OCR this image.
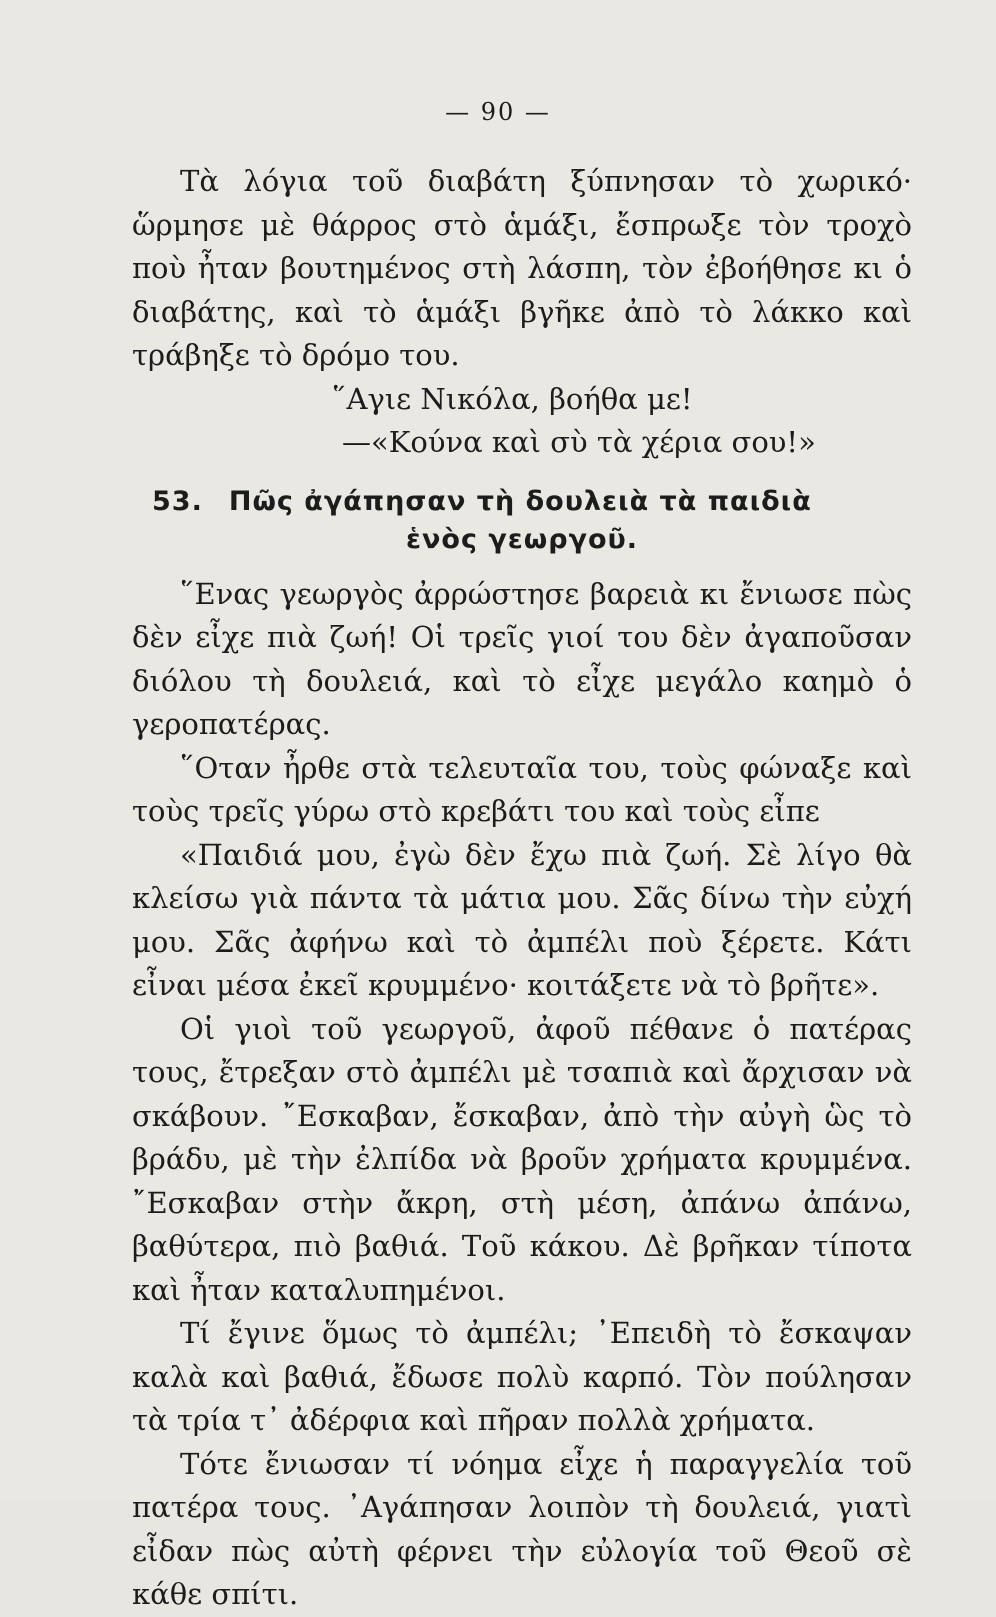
— 90 —

Τὰ λόγια τοῦ διαβάτη ξύπνησαν τὸ χωρικό· ὥρμησε μὲ θάρρος στὸ ἁμάξι, ἔσπρωξε τὸν τροχὸ ποὺ ἦταν βουτημένος στὴ λάσπη, τὸν ἐβοήθησε κι ὁ διαβάτης, καὶ τὸ ἁμάξι βγῆκε ἀπὸ τὸ λάκκο καὶ τράβηξε τὸ δρόμο του.

῞Αγιε Νικόλα, βοήθα με!

—«Κούνα καὶ σὺ τὰ χέρια σου!»

53. Πῶς ἀγάπησαν τὴ δουλειὰ τὰ παιδιὰ
ἑνὸς γεωργοῦ.

῞Ενας γεωργὸς ἀρρώστησε βαρειὰ κι ἔνιωσε πὼς δὲν εἶχε πιὰ ζωή! Οἱ τρεῖς γιοί του δὲν ἀγαποῦσαν διόλου τὴ δουλειά, καὶ τὸ εἶχε μεγάλο καημὸ ὁ γεροπατέρας.

῞Οταν ἦρθε στὰ τελευταῖα του, τοὺς φώναξε καὶ τοὺς τρεῖς γύρω στὸ κρεβάτι του καὶ τοὺς εἶπε

«Παιδιά μου, ἐγὼ δὲν ἔχω πιὰ ζωή. Σὲ λίγο θὰ κλείσω γιὰ πάντα τὰ μάτια μου. Σᾶς δίνω τὴν εὐχή μου. Σᾶς ἀφήνω καὶ τὸ ἀμπέλι ποὺ ξέρετε. Κάτι εἶναι μέσα ἐκεῖ κρυμμένο· κοιτάξετε νὰ τὸ βρῆτε».

Οἱ γιοὶ τοῦ γεωργοῦ, ἀφοῦ πέθανε ὁ πατέρας τους, ἔτρεξαν στὸ ἀμπέλι μὲ τσαπιὰ καὶ ἄρχισαν νὰ σκάβουν. ῎Εσκαβαν, ἔσκαβαν, ἀπὸ τὴν αὐγὴ ὣς τὸ βράδυ, μὲ τὴν ἐλπίδα νὰ βροῦν χρήματα κρυμμένα. ῎Εσκαβαν στὴν ἄκρη, στὴ μέση, ἀπάνω ἀπάνω, βαθύτερα, πιὸ βαθιά. Τοῦ κάκου. Δὲ βρῆκαν τίποτα καὶ ἦταν καταλυπημένοι.

Τί ἔγινε ὅμως τὸ ἀμπέλι; ᾿Επειδὴ τὸ ἔσκαψαν καλὰ καὶ βαθιά, ἔδωσε πολὺ καρπό. Τὸν πούλησαν τὰ τρία τ᾿ ἀδέρφια καὶ πῆραν πολλὰ χρήματα.

Τότε ἔνιωσαν τί νόημα εἶχε ἡ παραγγελία τοῦ πατέρα τους. ᾿Αγάπησαν λοιπὸν τὴ δουλειά, γιατὶ εἶδαν πὼς αὐτὴ φέρνει τὴν εὐλογία τοῦ Θεοῦ σὲ κάθε σπίτι.
